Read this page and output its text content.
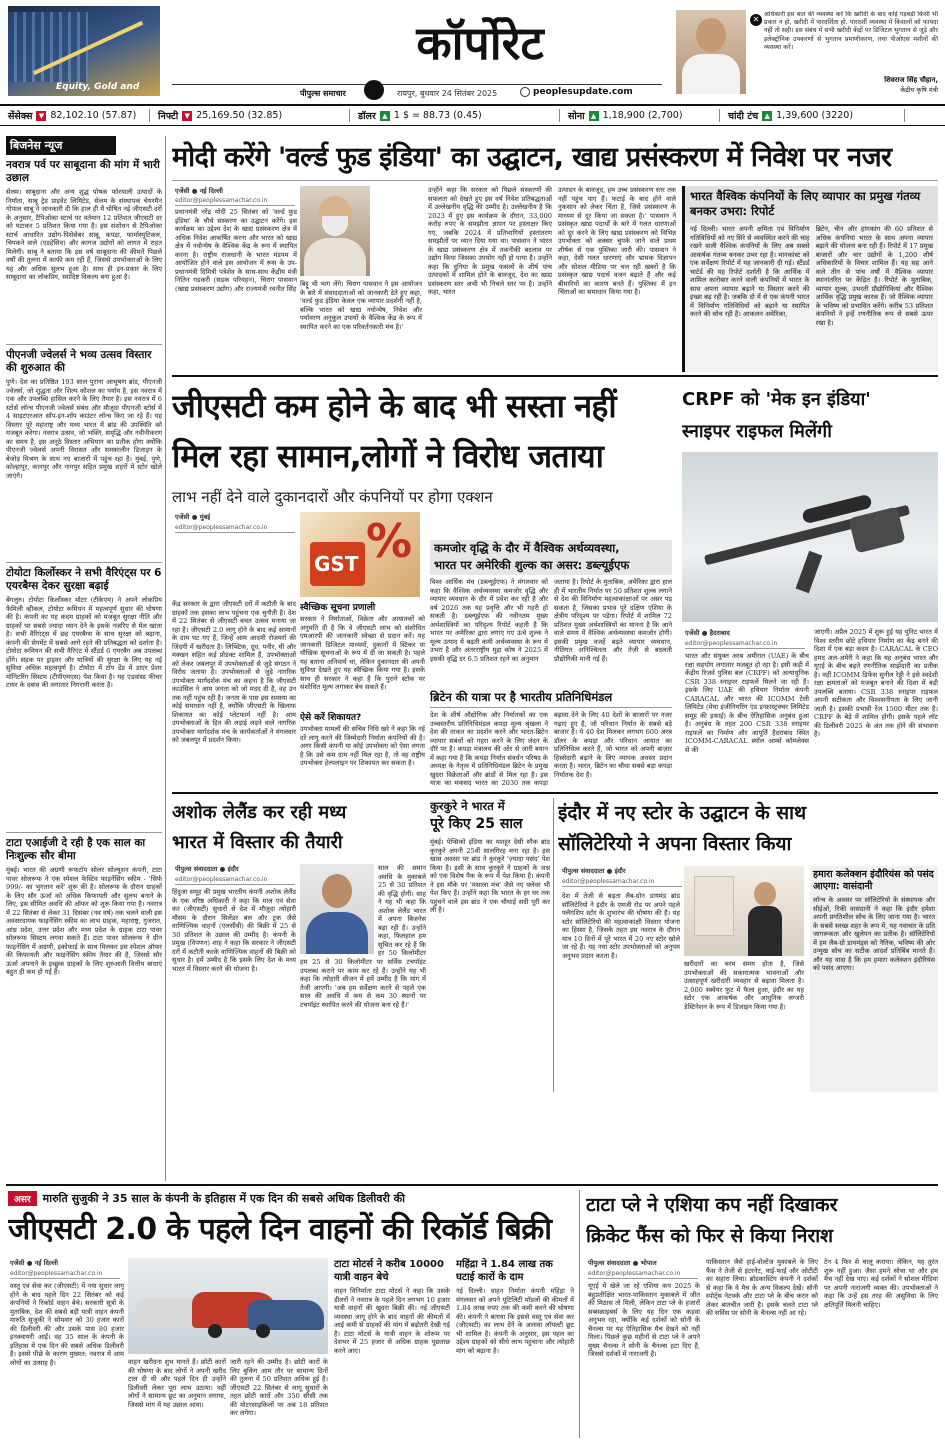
Equity, Gold and
कॉर्पोरेट
पीपुल्स समाचार	रायपुर, बुधवार 24 सितंबर 2025	peoplesupdate.com
✕
अधिकारी इस बात की व्यवस्था करें कि खरीदी के बाद कोई गड़बड़ी किसी भी प्रकार न हो, खरीदी में पारदर्शिता हो. पारदर्शी व्यवस्था में किसानों को फायदा नहीं तो सही। इस संबंध में सभी खरीदी केंद्रों पर डिजिटल भुगतान से जुड़े और इलेक्ट्रॉनिक उपकरणों से भुगतान प्रमाणीकरण, तथा पीओएस मशीनों की व्यवस्था करें।
शिवराज सिंह चौहान,
केंद्रीय कृषि मंत्री
सेंसेक्स ▼ 82,102.10 (57.87) निफ्टी ▼ 25,169.50 (32.85)	डॉलर ▲ 1 $ = 88.73 (0.45)	सोना ▲ 1,18,900 (2,700)	चांदी टंच ▲ 1,39,600 (3220)
बिजनेस न्यूज
नवरात्र पर्व पर साबूदाना की मांग में भारी उछाल
सेलम। साबूदाना और अन्य शुद्ध पोषक फॉरयाली उत्पादों के निर्माता, साबू ट्रेड प्राइवेट लिमिटेड, सेलम के संस्थापक चेयरमैन गोपाल साबू ने जानकारी दी कि हाल ही में घोषित नई जीएसटी दरों के अनुसार, टैपिओका स्टार्च पर वर्तमान 12 प्रतिशत जीएसटी दर को घटाकर 5 प्रतिशत किया गया है। इस संशोधन से टैपिओका स्टार्च आधारित उद्योग-पिसेसेबर साबू, कपड़ा, फार्मास्युटिकल, चिपकने वाले (एडहेसिव) और कागज उद्योगों को लागत में राहत मिलेगी। साबू ने बताया कि इस वर्ष साबूदाना की कीमतें पिछले वर्षों की तुलना में काफी कम रही हैं, जिससे उपभोक्ताओं के लिए यह और अधिक सुलभ हुआ है। साथ ही इन-प्रकार के लिए साबूदाना का लोकप्रिय, स्वादिष्ट विकल्प बना हुआ है।
पीएनजी ज्वेलर्स ने भव्य उत्सव विस्तार की शुरुआत की
पुणे। देश का प्रतिष्ठित 193 साल पुराना आभूषण ब्रांड, पीएनजी ज्वेलर्स, जो शुद्धता और शिल्प कौशल का पर्याय है, इस नवरात्र में एक और उपलब्धि हासिल करने के लिए तैयार है। इस नवरात्र में 6 स्टोर्स लॉन्च पीएनजी ज्वेलर्स संबंध और मौजूदा पीएनजी स्टोर्स में 4 साइटएरआत साँप-इन-शॉप काउंटर लॉन्च किए जा रहे हैं। यह विस्तार पूरे महाराष्ट्र और मध्य भारत में ब्रांड की उपस्थिति को मजबूत करेगा। नवरात्र उत्सव, जो भक्ति, समृद्धि और नवीनीकरण का समय है, इस अनूठे विस्तार अभियान का प्रतीक होगा क्योंकि पीएनजी ज्वेलर्स अपनी विरासत और समकालीन डिजाइन के बेजोड़ मिश्रण के साथ नए बाजारों में पहुंच रहा है। मुंबई, पुणे, कोल्हापुर, कानपुर और नागपुर सहित प्रमुख शहरों में स्टोर खोले जाएंगे।
टोयोटा किर्लोस्कर ने सभी वैरिएंट्स पर 6 एयरबैग्स देकर सुरक्षा बढ़ाई
बेंगलुरु। टोयोटा किर्लोस्कर मोटर (टीकेएम) ने अपने लोकप्रिय फैमिली व्हीकल, टोयोटा रूमियन में महत्वपूर्ण सुधार की घोषणा की है। कंपनी का यह कदम ग्राहकों को मजबूत सुरक्षा नीति और ग्राहकों पर सबसे ज्यादा ध्यान देने के इसके नजरिए से मेल खाता है। सभी वैरिएंट्स में छह एयरबैग्स के साथ सुरक्षा को बढ़ाना, कंपनी की सेगमेंट में सबसे आगे रहने की प्रतिबद्धता को दर्शाता है। टोयोटा रूमियन की सभी वैरिएंट में स्टैंडर्ड 6 एयरबैग अब उपलब्ध होंगे। सड़क पर ड्राइवर और यात्रियों की सुरक्षा के लिए यह नई सुविधा अधिक महत्वपूर्ण है। टोयोटा में टॉप डेंड में डाएर प्रेशर मॉनिटरिंग सिस्टम (टीपीएमएस) पेश किया है। यह एडवांस्ड फीचर टायर के दबाव की लगातार निगरानी करता है।
टाटा एआईजी दे रही है एक साल का निःशुल्क सौर बीमा
मुंबई। भारत की अग्रणी रूफटॉप सोलर सोल्यूशन कंपनी, टाटा पावर सोलरूफ ने एक स्पेशल फेस्टिव फाइनेंसिंग स्कीम - 'सिर्फ 999/- का भुगतान करें' शुरू की है। सोलरूफ के दौरान ग्राहकों के लिए सौर ऊर्जा को अधिक किफायती और सुलभ बनाने के लिए, इस सीमित अवधि की ऑफर को शुरू किया गया है। नवरात्र में 22 सितंबर से लेकर 31 दिसंबर (नव वर्ष) तक चलने वाली इस अवसरदायक फाइनेंसिंग स्कीम का लाभ ग्राहक, महाराष्ट्र, गुजरात, आंध्र प्रदेश, उत्तर प्रदेश और मध्य प्रदेश के ग्राहक टाटा पावर सोलरूफ सिस्टम लगवा सकते हैं। टाटा पावर सोलरूफ ने ग्रीन फाइनेंसिंग में अग्रणी, इकोफाई के साथ मिलकर इस स्पेशल ऑफर की किफायती और फाइनेंसिंग स्कीम तैयार की है, जिससे सौर ऊर्जा अपनाने के इच्छुक ग्राहकों के लिए शुरुआती वित्तीय बाधाएं बहुत ही कम हो गई हैं।
मोदी करेंगे 'वर्ल्ड फुड इंडिया' का उद्घाटन, खाद्य प्रसंस्करण में निवेश पर नजर
एजेंसी ● नई दिल्ली
editor@peoplessamachar.co.in
प्रधानमंत्री नरेंद्र मोदी 25 सितंबर को 'वर्ल्ड फुड इंडिया' के चौथे संस्करण का उद्घाटन करेंगे। इस कार्यक्रम का उद्देश्य देश के खाद्य प्रसंस्करण क्षेत्र में अधिक निवेश आकर्षित करना और भारत को खाद्य क्षेत्र में नवोन्मेष के वैश्विक केंद्र के रूप में स्थापित करना है। राष्ट्रीय राजधानी के भारत मंडपम में आयोजित होने वाले इस आयोजन में रूस के उप-प्रधानमंत्री दिमित्री पत्रेशेव के साथ-साथ केंद्रीय मंत्री नितिन गडकरी (सड़क परिवहन), चिराग पासवान (खाद्य प्रसंस्करण उद्योग) और राज्यमंत्री रवनीत सिंह
बिट्टू भी भाग लेंगे। चिराग पासवान ने इस आयोजन के बारे में संवाददाताओं को जानकारी देते हुए कहा, 'वर्ल्ड फुड इंडिया केवल एक व्यापार प्रदर्शनी नहीं है, बल्कि भारत को खाद्य नवोन्मेष, निवेश और पर्यावरण अनुकूल उपायों के वैश्विक केंद्र के रूप में स्थापित करने का एक परिवर्तनकारी मंच है।'
उन्होंने कहा कि सरकार को पिछले संस्करणों की सफलता को देखते हुए इस वर्ष निवेश प्रतिबद्धताओं में उल्लेखनीय वृद्धि की उम्मीद है। उल्लेखनीय है कि 2023 में हुए इस कार्यक्रम के दौरान, 33,000 करोड़ रुपए के समझौता ज्ञापन पर हस्ताक्षर किए गए, जबकि 2024 में प्रतिभागियों हस्तांतरण समझौतों पर ध्यान दिया गया था। पासवान ने भारत के खाद्य प्रसंस्करण क्षेत्र में तकनीकी बदलाव पर उद्योग किया जिसका उपयोग नहीं हो पाया है। उन्होंने कहा कि दुनिया के प्रमुख फसलों के शीर्ष पांच उत्पादकों में शामिल होने के बावजूद, देश का खाद्य प्रसंस्करण स्तर अभी भी निचले स्तर पर है। उन्होंने कहा, भारत
उत्पादन के बावजूद, हम उच्च प्रसंस्करण स्तर तक नहीं पहुंच पाए हैं। फटाई के बाद होने वाले नुकसान को लेकर चिंता है, जिसे प्रसंस्करण के माध्यम से दूर किया जा सकता है।' पासवान ने प्रसंस्कृत खाद्य पदार्थों के बारे में गलत धारणाओं को दूर करने के लिए खाद्य प्रसंस्करण को विभिन्न उपभोक्ता को अक्सर चुपके जाने वाले प्रथम शीर्षक से एक पुस्तिका जारी की। पासवान ने कहा, देसी गलत धारणाएं और भ्रामक विज्ञापन और सोशल मीडिया पर चल रही खबरों है कि प्रसंस्कृत खाद्य पदार्थ वजन बढ़ाते हैं और कई बीमारियों का कारण बनते हैं। पुस्तिका में इन चिंताओं का समाधान किया गया है।
भारत वैश्विक कंपनियों के लिए व्यापार का प्रमुख गंतव्य बनकर उभरा: रिपोर्ट
नई दिल्ली। भारत अपनी क्षमिता एवं विनिर्माण गतिविधियों को नए सिरे से व्यवस्थित करने की चाह रखने वाली वैश्विक कंपनियों के लिए अब सबसे आकर्षक गंतव्य बनकर उभर रहा है। मानकांस्ट को एक सर्वेक्षण रिपोर्ट में यह जानकारी दी गई। स्टैंडर्ड चार्टर्ड की यह रिपोर्ट दर्शाती है कि आर्थिक में शामिल कारोबार करने वाली कंपनियों में भारत के साथ अपना व्यापार बढ़ाने या विस्तार करने की इच्छा बढ़ रही है। जबकि दो में से एक कंपनी भारत में विनिर्माण गतिविधियों को बढ़ाने या स्थापित करने की सोच रही है। आकलन अमेरिका,
ब्रिटेन, चीन और हांगकांग की 60 प्रतिशत से अधिक कंपनियां भारत के साथ अपना व्यापार बढ़ाने की योजना बना रही हैं। रिपोर्ट में 17 प्रमुख बाजारों और चार उद्योगों के 1,200 शीर्ष अधिकारियों के विचार शामिल हैं। यह सह आने वाले तीन से पांच वर्षों में वैश्विक व्यापार स्थानांतरित पर केंद्रित है। रिपोर्ट के मुताबिक, व्यापार शुल्क, उभरती प्रौद्योगिकियां और वैश्विक आर्थिक वृद्धि प्रमुख कारक हैं। जो वैश्विक व्यापार के भविष्य को प्रभावित करेंगे। करीब 53 प्रतिशत कंपनियों ने इन्हें रणनीतिक रूप से सबसे ऊपर रखा है।
जीएसटी कम होने के बाद भी सस्ता नहीं
मिल रहा सामान,लोगों ने विरोध जताया
लाभ नहीं देने वाले दुकानदारों और कंपनियों पर होगा एक्शन
एजेंसी ● मुंबई
editor@peoplessamachar.co.in
GST %
केंद्र सरकार के द्वारा जीएसटी दरों में कटौती के बाद ग्राहकों तक इसका लाभ पहुंचना एक चुनौती है। देश में 22 सितंबर से जीएसटी बचत उत्सव मनाया जा रहा है। जीएसटी 2.0 लागू होने के बाद कई सामानों के दाम घट गए हैं, जिन्हें आम आदमी रोजमर्रा की जिंदगी में खरीदता है। लिप्स्टिक, दूध, पनीर, घी और मक्खन सहित कई प्रोडक्ट शामिल हैं, उपभोक्ताओं को लेकर जबलपुर में उपभोक्ताओं से जुड़े संगठन ने विरोध जताया है। उपभोक्ताओं से जुड़े नागरिक उपभोक्ता मार्गदर्शक मंच का कहना है कि जीएसटी काउंसिल ने आम जनता को जो मदद दी है, वह उन तक नहीं पहुंच रही है। जनता के पास इस समस्या का कोई समाधान नहीं है, क्योंकि जीएसटी के खिलाफ शिकायत का कोई प्लेटफार्म नहीं है। आम उपभोक्ताओं के हित की लड़ाई लड़ने वाले नागरिक उपभोक्ता मार्गदर्शक मंच के कार्यकर्ताओं ने मंगलवार को जबलपुर में प्रदर्शन किया।
स्वैच्छिक सूचना प्रणाली
सरकार ने निर्माताओं, विक्रेता और आयातकों को अनुमति दी है कि वे जीएसटी लाभ को संशोधित एमआरपी की जानकारी स्वेच्छा से प्रदान करें। यह जानकारी डिजिटल माध्यमों, दुकानों में स्टिकर या मौखिक सूचनाओं के रूप में दी जा सकती है। पहले यह बताना अनिवार्य था, लेकिन दुकानदार की अपनी सुविधा देखते हुए यह स्वैच्छिक किया गया है। इसके साथ ही सरकार ने कहा है कि पुराने स्टॉक पर संशोधित मूल्य लगाकर बेच सकते हैं।
ऐसे करें शिकायत?
उपभोक्ता मामलों की सचिव निधि खरे ने कहा कि नई दरें लागू करने की जिम्मेदारी निर्माता कंपनियों की है। अगर किसी कंपनी या कोई उपभोक्ता को ऐसा लगता है कि उसे कम दाम नहीं मिल रहा है, तो वह राष्ट्रीय उपभोक्ता हेल्पलाइन पर शिकायत कर सकता है।
कमजोर वृद्धि के दौर में वैश्विक अर्थव्यवस्था,
भारत पर अमेरिकी शुल्क का असर: डब्ल्यूईएफ
विश्व आर्थिक मंच (डब्ल्यूईएफ) ने मंगलवार को कहा कि वैश्विक अर्थव्यवस्था कमजोर वृद्धि और व्यापार व्यवधान के दौर में प्रवेश कर रही है और वर्ष 2026 तक यह प्रवृत्ति और भी गहरी हो सकती है। डब्ल्यूईएफ की नवीनतम मुख्य अर्थशास्त्रियों का परिदृश्य रिपोर्ट कहती है कि भारत पर अमेरिका द्वारा लगाए गए ऊंचे शुल्क ने मूल्य उत्पाद में बढ़ती कमी अर्थव्यवस्था के रूप में उभरा है और अंतरराष्ट्रीय मुद्रा कोष ने 2025 में इसकी वृद्धि दर 6.5 प्रतिशत रहने का अनुमान
जताया है। रिपोर्ट के मुताबिक, अमेरिका द्वारा हाल ही में भारतीय निर्यात पर 50 प्रतिशत शुल्क लगाने से देश की विनिर्माण महत्वाकांक्षाओं पर असर पड़ सकता है, जिसका प्रभाव पूरे दक्षिण एशिया के क्षेत्रीय परिदृश्य पर पड़ेगा। रिपोर्ट में शामिल 72 प्रतिशत मुख्य अर्थशास्त्रियों का मानना है कि आने वाले समय में वैश्विक अर्थव्यवस्था कमजोर होगी। इसकी प्रमुख वजहें बढ़ते व्यापार व्यवधान, नीतिगत अनिश्चितता और तेज़ी से बदलती प्रौद्योगिकी मानी गई हैं।
ब्रिटेन की यात्रा पर है भारतीय प्रतिनिधिमंडल
देश के शीर्ष औद्योगिक और निर्यातकों का एक उच्चस्तरीय प्रतिनिधिमंडल कपड़ा मूल्य श्रृंखला ने देश की ताकत का प्रदर्शन करने और भारत-ब्रिटेन व्यापार संबंधों को गहरा करने के लिए लंदन के दौरे पर है। कपड़ा मंत्रालय की ओर से जारी बयान में कहा गया है कि कपड़ा निर्यात संवर्धन परिषद के अध्यक्ष के नेतृत्व में प्रतिनिधिमंडल ब्रिटेन के प्रमुख खुदरा विक्रेताओं और ब्रांडों से मिल रहा है। इस यात्रा का मकसद भारत का 2030 तक कपड़ा
बढ़ावा देने के लिए 40 देशों के बाजारों पर नजर गढ़ाए हुए है, जो परिधान निर्यात के सबसे बड़े बाजार हैं। ये 40 देश मिलकर लगभग 600 अरब डॉलर के कपड़ा और परिधान आयात का प्रतिनिधित्व करते हैं, जो भारत को अपनी बाज़ार हिस्सेदारी बढ़ाने के लिए व्यापक अवसर प्रदान करता है। भारत, ब्रिटेन का चौथा सबसे बड़ा कपड़ा निर्यातक देश है।
CRPF को 'मेक इन इंडिया'
स्नाइपर राइफल मिलेंगी
एजेंसी ● हैदराबाद
editor@peoplessamachar.co.in
भारत और संयुक्त अरब अमीरात (UAE) के बीच रक्षा सहयोग लगातार मजबूत हो रहा है। इसी कड़ी में केंद्रीय रिजर्व पुलिस बल (CRPF) को अत्याधुनिक CSR 338 स्नाइपर राइफलें मिलने जा रही हैं। इसके लिए UAE की हथियार निर्माता कंपनी CARACAL और भारत की ICOMM टेली लिमिटेड (मेघा इंजीनियरिंग एंड इन्फ्रास्ट्रक्चर लिमिटेड समूह की इकाई) के बीच ऐतिहासिक अनुबंध हुआ है। अनुबंध के तहत 200 CSR 338 स्नाइपर राइफलें का निर्माण और आपूर्ति हैदराबाद स्थित ICOMM-CARACAL स्मॉल आर्म्स कॉम्प्लेक्स से की
जाएगी। अप्रैल 2025 में शुरू हुई यह यूनिट भारत में विश्व स्तरीय छोटे हथियार निर्माण का केंद्र बनने की दिशा में एक बड़ा कदम है। CARACAL के CEO हमद अल-अमेरी ने कहा कि यह अनुबंध भारत और यूएई के बीच बढ़ते रणनीतिक साझेदारी का प्रतीक है। वहीं ICOMM डिफेंस सुनील रेड्डी ने इसे स्वदेशी रक्षा क्षमताओं को मजबूत बनाने की दिशा में बड़ी उपलब्धि बताया। CSR 338 स्नाइपर राइफल अपनी सटीकता और विश्वसनीयता के लिए जानी जाती है। इसकी प्रभावी रेंज 1500 मीटर तक है। CRPF के बेड़े में शामिल होगी। इसके पहले लॉट की डिलीवरी 2025 के अंत तक होने की संभावना है।
अशोक लेलैंड कर रही मध्य
भारत में विस्तार की तैयारी
पीपुल्स संवाददाता ● इंदौर
editor@peoplessamachar.co.in
साल की समान अवधि के मुकाबले 25 से 30 प्रतिशत की वृद्धि होगी। साह ने यह भी कहा कि अशोक लेलैंड भारत में अपना बिजनेस बढ़ा रही है। उन्होंने कहा, फिलहाल हम सूचित कर रहे हैं कि हर 50 किलोमीटर
हिंदुजा समूह की प्रमुख भारतीय कंपनी अशोक लेलैंड के एक वरिष्ठ अधिकारी ने कहा कि माल एवं सेवा कर (जीएसटी) सुधारों से देश में मौजूदा त्योहारी मौसम के दौरान सिलेंडर बल और ट्रक जैसे वाणिज्यिक वाहनों (एलसीवी) की बिक्री में 25 से 30 प्रतिशत के उछाल की उम्मीद है। कंपनी के प्रमुख (विपणन) शाह ने कहा कि सरकार ने जीएसटी दरों में कटौती करके वाणिज्यिक वाहनों की बिक्री को सुधार है। हमें उम्मीद है कि इसके लिए देश के मध्य भारत में विस्तार करने की योजना है।
हम 25 से 30 किलोमीटर पर सर्विस टचपॉइंट उपलब्ध कराने पर काम कर रहे हैं। उन्होंने यह भी कहा कि त्योहारी सीजन में हमें उम्मीद है कि मांग में तेजी आएगी। 'अब हम सर्वेक्षण करने से पहले एक साल की अवधि में कम से कम 30 स्थानों पर टचपॉइंट स्थापित करने की योजना बना रहे हैं।'
कुरकुरे ने भारत में
पूरे किए 25 साल
मुंबई। पेप्सिको इंडिया का मशहूर देसी स्नैक ब्रांड कुरकुरे अपनी 25वीं सालगिरह मना रहा है। इस खास अवसर पर ब्रांड ने कुरकुरे 'ज़्यादा पसंद' पेश किया है। इसी के साथ कुरकुरे ने ग्राहकों के जश्न को एक विशेष पैक के रूप में पेश किया है। कंपनी ने इस मौके पर 'मसाला मंच' जैसे नए फ्लेवर भी पेश किए हैं। उन्होंने कहा कि भारत के हर घर तक पहुंचने वाले इस ब्रांड ने एक चौथाई सदी पूरी कर ली है।
इंदौर में नए स्टोर के उद्घाटन के साथ
सॉलिटेरियो ने अपना विस्तार किया
पीपुल्स संवाददाता ● इंदौर
editor@peoplessamachar.co.in
देश में तेजी से बढ़ता लैब-ग्रोन डायमंड ब्रांड सॉलिटेरियो ने इंदौर के एमजी रोड पर अपने पहले फ्लैगशिप स्टोर के शुभारंभ की घोषणा की है। यह स्टोर सॉलिटेरियो की महत्वाकांक्षी विस्तार योजना का हिस्सा है, जिसके तहत इस नवरात्र के दौरान मात्र 10 दिनों में पूरे भारत में 20 नए स्टोर खोले जा रहे हैं। यह नया स्टोर उपभोक्ताओं को अनुपम अनुभव प्रदान करता है।
खरीदारों का चरम समय होता है, जिसे उपभोक्ताओं की सकारात्मक भावनाओं और उत्साहपूर्ण खरीदारी व्यवहार से बढ़ावा मिलता है। 2,000 स्क्वेयर फुट में फैला हुआ, इंदौर का यह स्टोर एक आकर्षक और आधुनिक लग्जरी डेस्टिनेशन के रूप में डिजाइन किया गया है।
हमारा कलेक्शन इंदौरियंस को पसंद आएगा: वासंदानी
लॉन्च के अवसर पर सॉलिटेरियो के संस्थापक और सीईओ, रिकी वासंदानी ने कहा कि इंदौर हमेशा अपनी प्रगतिशील सोच के लिए जाना गया है। भारत के सबसे स्वच्छ शहर के रूप में, यह नवाचार के प्रति जागरूकता और खुलेपन का प्रतीक है। सॉलिटेरियो में हम लैब-ग्रो डायमंड्स को नैतिक, भविष्य की ओर उन्मुख सोच का सटीक आदर्श प्रतिबिंब मानते हैं। और यह वादा है कि हम हमारा कलेक्शन इंदौरियंस को पसंद आएगा।
असर	मारुति सुजुकी ने 35 साल के कंपनी के इतिहास में एक दिन की सबसे अधिक डिलीवरी की
जीएसटी 2.0 के पहले दिन वाहनों की रिकॉर्ड बिक्री
एजेंसी ● नई दिल्ली
editor@peoplessamachar.co.in
वस्तु एवं सेवा कर (जीएसटी) में नया सुधार लागू होने के बाद पहले दिन 22 सितंबर को कई कंपनियों ने रिकॉर्ड वाहन बेचे। सरकारी सूत्रों के मुताबिक, देश की सबसे बड़ी यात्री वाहन कंपनी मारुति सुजुकी ने सोमवार को 30 हजार कारों की डिलीवरी की और उसके पास 80 हजार इनक्वायरी आईं। वह 35 साल के कंपनी के इतिहास में एक दिन की सबसे अधिक डिलीवरी है। इससे पीछे के कारण मुख्यत: नवरात्र में आम लोगों का उत्साह है।	वाहन खरीदना शुभ मानते हैं। छोटी कारों की घोषणा के बाद लोगों ने अपनी खरीद टाल दी थी और पहले दिन ही उन्होंने डिलीवरी लेकर पूरा लाभ उठाया। वहीं लोगों ने सामान्य छूट का अनुमान लगाया, जिससे मांग में यह उछाल आया।
जारी रहने की उम्मीद है। छोटी कारों के लिए बुकिंग आम तौर पर सामान्य दिनों की तुलना में 50 प्रतिशत अधिक हुई है। जीएसटी 22 सितंबर से लागू सुधारों के तहत छोटी कारों और 350 सीसी तक की मोटरसाइकिलों पर अब 18 प्रतिशत कर लगेगा।
टाटा मोटर्स ने करीब 10000 यात्री वाहन बेचे
वाहन विनिर्माता टाटा मोटर्स ने कहा कि उसके डीलरों ने नवरात्र के पहले दिन लगभग 10 हजार यात्री वाहनों की खुदरा बिक्री की। नई जीएसटी व्यवस्था लागू होने के बाद वाहनों की कीमतों में आई कमी से ग्राहकों की मांग में बढ़ोतरी देखी गई है। टाटा मोटर्स के यात्री वाहन के शोरूम पर देशभर में 25 हजार से अधिक ग्राहक पूछताछ करने आए।
महिंद्रा ने 1.84 लाख तक घटाई कारों के दाम
नई दिल्ली। वाहन निर्माता कंपनी महिंद्रा ने मंगलवार को अपने यूटिलिटी मॉडलों की कीमतों में 1.84 लाख रुपए तक की कमी करने की घोषणा की। कंपनी ने बताया कि इससे वस्तु एवं सेवा कर (जीएसटी) का लाभ देने के अलावा लॉयल्टी छूट भी शामिल है। कंपनी के अनुसार, इस पहल का उद्देश्य ग्राहकों को सीधे लाभ पहुंचाना और त्योहारी मांग को बढ़ाना है।
टाटा प्ले ने एशिया कप नहीं दिखाकर
क्रिकेट फैंस को फिर से किया निराश
पीपुल्स संवाददाता ● भोपाल
editor@peoplessamachar.co.in
यूएई में खेले जा रहे एशिया कप 2025 के बहुप्रतीक्षित भारत-पाकिस्तान मुकाबले में जीत की मिठास तो मिली, लेकिन टाटा प्ले के हजारों सब्सक्राइबर्स के लिए यह दिन एक कड़वा अनुभव रहा, क्योंकि कई दर्शकों को सोनी के चैनल्स पर यह ऐतिहासिक मैच देखने को नहीं मिला। पिछले कुछ महीनों से टाटा प्ले ने अपने मुख्य चैनल्स ने सोनी के चैनल्स हटा दिए हैं, जिससे दर्शकों में नाराजगी है।
पाकिस्तान जैसे हाई-वोल्टेज मुकाबले के लिए फैंस ने तेजी से इंटरनेट, वाई-फाई और ओटीटी का सहारा लिया। ब्रॉडकास्टिंग कंपनी ने दर्शकों से कहा कि वे मैच के अन्य विकल्प देखें। सोनी स्पोर्ट्स नेटवर्क और टाटा प्ले के बीच करार को लेकर बातचीत जारी है। इसके चलते टाटा प्ले की सर्विस पर सोनी के चैनल्स नहीं आ रहे।
टेन 4 फिर से चालू कराया। लेकिन, यह तुरंत शुरू नहीं हुआ। जैसा हमने सोचा था और हम मैच नहीं देख पाए। कई दर्शकों ने सोशल मीडिया पर अपनी नाराजगी व्यक्त की। उपभोक्ताओं ने कहा कि उन्हें इस तरह की असुविधा के लिए क्षतिपूर्ति मिलनी चाहिए।
